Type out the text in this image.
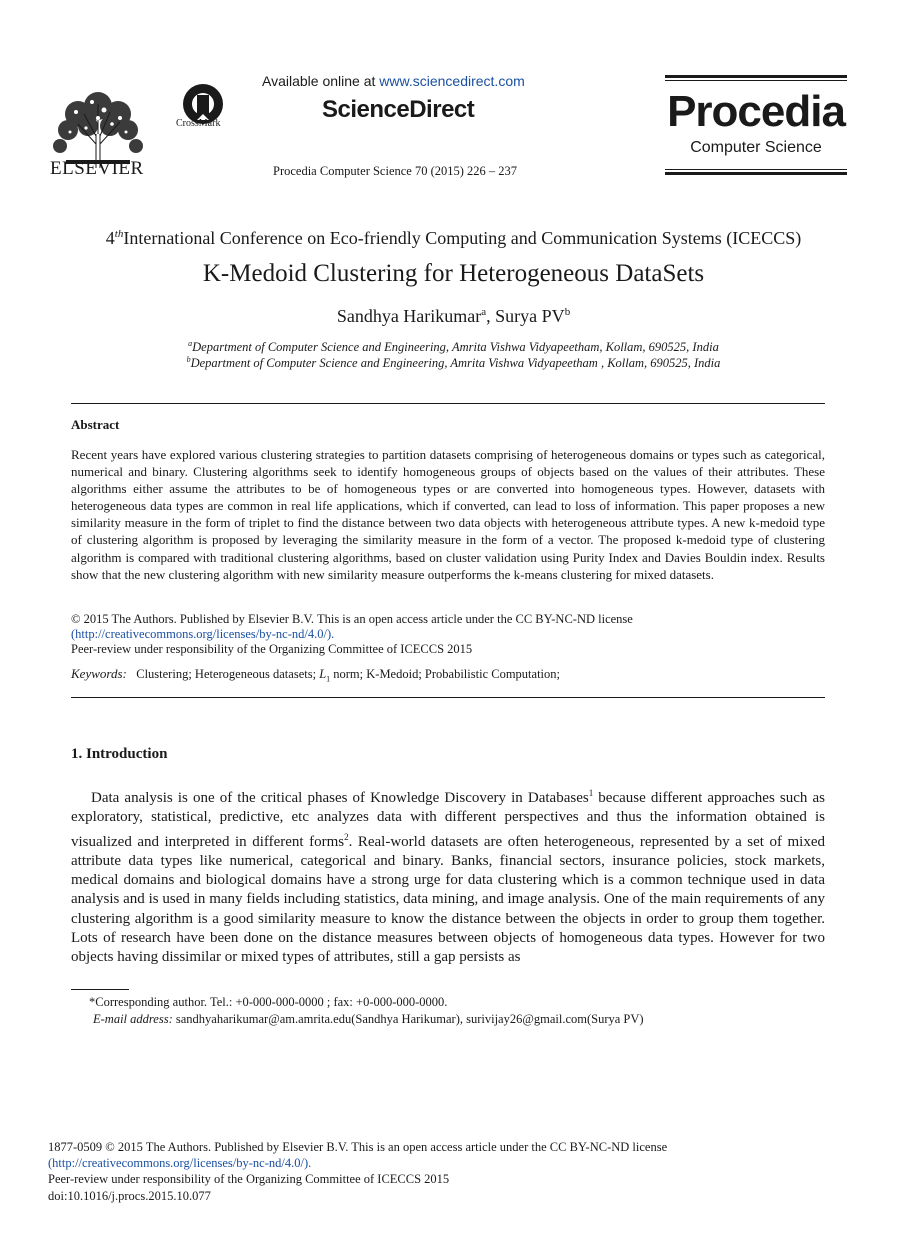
ELSEVIER
CrossMark
Available online at www.sciencedirect.com
ScienceDirect
Procedia Computer Science 70 (2015) 226 – 237
Procedia
Computer Science
4thInternational Conference on Eco-friendly Computing and Communication Systems (ICECCS)
K-Medoid Clustering for Heterogeneous DataSets
Sandhya Harikumar$^a$, Surya $PV^b$
$^a$Department of Computer Science and Engineering, Amrita Vishwa Vidyapeetham, Kollam, 690525, India
$^b$Department of Computer Science and Engineering, Amrita Vishwa Vidyapeetham , Kollam, 690525, India
Abstract
Recent years have explored various clustering strategies to partition datasets comprising of heterogeneous domains or types such as categorical, numerical and binary. Clustering algorithms seek to identify homogeneous groups of objects based on the values of their attributes. These algorithms either assume the attributes to be of homogeneous types or are converted into homogeneous types. However, datasets with heterogeneous data types are common in real life applications, which if converted, can lead to loss of information. This paper proposes a new similarity measure in the form of triplet to find the distance between two data objects with heterogeneous attribute types. A new k-medoid type of clustering algorithm is proposed by leveraging the similarity measure in the form of a vector. The proposed k-medoid type of clustering algorithm is compared with traditional clustering algorithms, based on cluster validation using Purity Index and Davies Bouldin index. Results show that the new clustering algorithm with new similarity measure outperforms the k-means clustering for mixed datasets.
© 2015 The Authors. Published by Elsevier B.V. This is an open access article under the CC BY-NC-ND license
(http://creativecommons.org/licenses/by-nc-nd/4.0/).
Peer-review under responsibility of the Organizing Committee of ICECCS 2015
Keywords: Clustering; Heterogeneous datasets; $L_1$ norm; K-Medoid; Probabilistic Computation;
1. Introduction

Data analysis is one of the critical phases of Knowledge Discovery in Databases$^1$ because different approaches such as exploratory, statistical, predictive, etc analyzes data with different perspectives and thus the information obtained is visualized and interpreted in different forms$^2$. Real-world datasets are often heterogeneous, represented by a set of mixed attribute data types like numerical, categorical and binary. Banks, financial sectors, insurance policies, stock markets, medical domains and biological domains have a strong urge for data clustering which is a common technique used in data analysis and is used in many fields including statistics, data mining, and image analysis. One of the main requirements of any clustering algorithm is a good similarity measure to know the distance between the objects in order to group them together. Lots of research have been done on the distance measures between objects of homogeneous data types. However for two objects having dissimilar or mixed types of attributes, still a gap persists as

*Corresponding author. Tel.: +0-000-000-0000 ; fax: +0-000-000-0000.
E-mail address: sandhyaharikumar@am.amrita.edu(Sandhya Harikumar), surivijay26@gmail.com(Surya PV)
1877-0509 © 2015 The Authors. Published by Elsevier B.V. This is an open access article under the CC BY-NC-ND license
(http://creativecommons.org/licenses/by-nc-nd/4.0/).
Peer-review under responsibility of the Organizing Committee of ICECCS 2015
doi:10.1016/j.procs.2015.10.077
